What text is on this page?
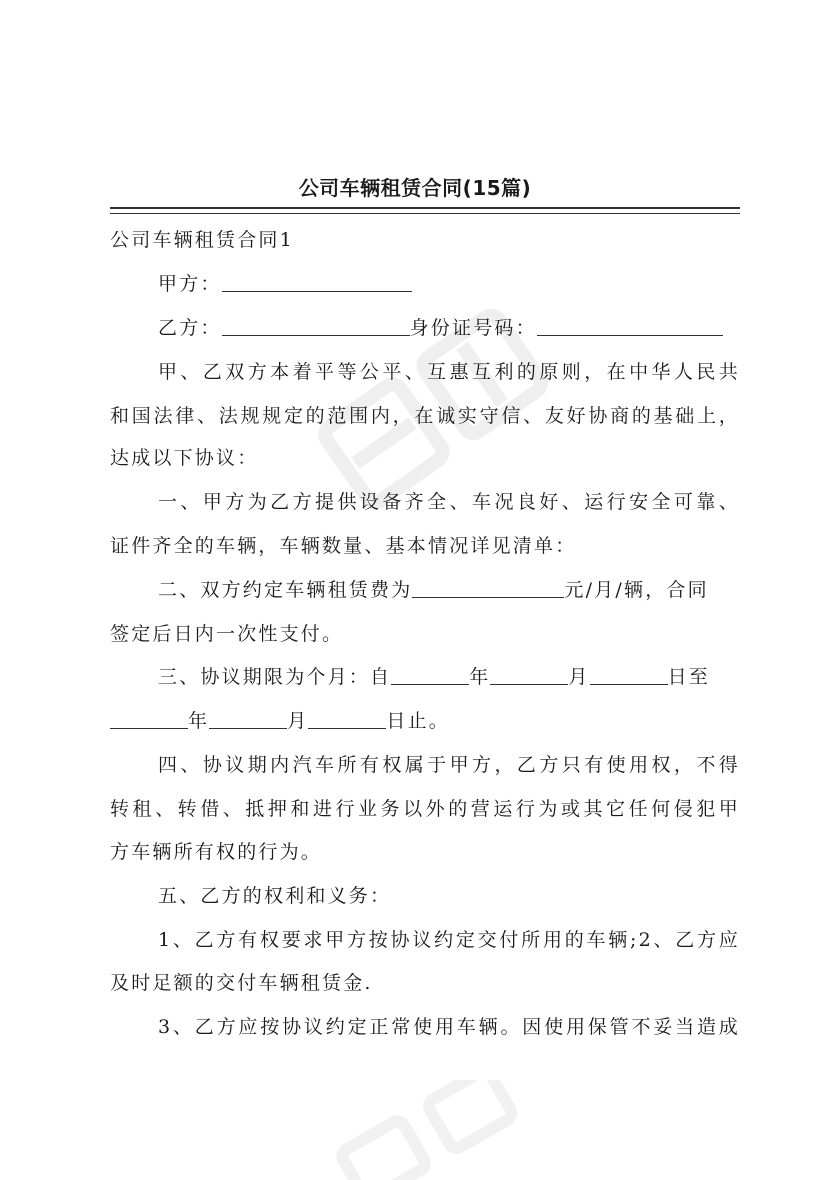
公司车辆租赁合同(15篇)
公司车辆租赁合同1
甲方：
乙方：	身份证号码：
甲、乙双方本着平等公平、互惠互利的原则，在中华人民共
和国法律、法规规定的范围内，在诚实守信、友好协商的基础上，
达成以下协议：
一、甲方为乙方提供设备齐全、车况良好、运行安全可靠、
证件齐全的车辆，车辆数量、基本情况详见清单：
二、双方约定车辆租赁费为	元/月/辆，合同
签定后日内一次性支付。
三、协议期限为个月：自	年	月	日至
年	月	日止。
四、协议期内汽车所有权属于甲方，乙方只有使用权，不得
转租、转借、抵押和进行业务以外的营运行为或其它任何侵犯甲
方车辆所有权的行为。
五、乙方的权利和义务：
1、乙方有权要求甲方按协议约定交付所用的车辆;2、乙方应
及时足额的交付车辆租赁金.
3、乙方应按协议约定正常使用车辆。因使用保管不妥当造成
